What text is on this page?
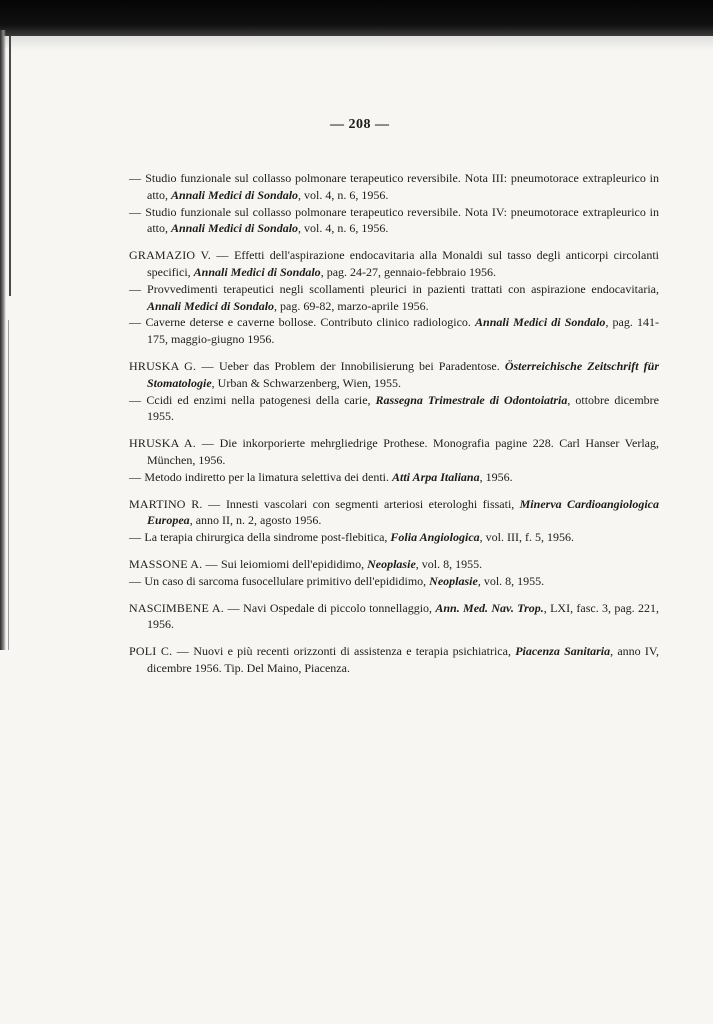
— 208 —

— Studio funzionale sul collasso polmonare terapeutico reversibile. Nota III: pneumotorace extrapleurico in atto, Annali Medici di Sondalo, vol. 4, n. 6, 1956.

— Studio funzionale sul collasso polmonare terapeutico reversibile. Nota IV: pneumotorace extrapleurico in atto, Annali Medici di Sondalo, vol. 4, n. 6, 1956.

GRAMAZIO V. — Effetti dell'aspirazione endocavitaria alla Monaldi sul tasso degli anticorpi circolanti specifici, Annali Medici di Sondalo, pag. 24-27, gennaio-febbraio 1956.

— Provvedimenti terapeutici negli scollamenti pleurici in pazienti trattati con aspirazione endocavitaria, Annali Medici di Sondalo, pag. 69-82, marzo-aprile 1956.

— Caverne deterse e caverne bollose. Contributo clinico radiologico. Annali Medici di Sondalo, pag. 141-175, maggio-giugno 1956.

HRUSKA G. — Ueber das Problem der Innobilisierung bei Paradentose. Österreichische Zeitschrift für Stomatologie, Urban & Schwarzenberg, Wien, 1955.

— Ccidi ed enzimi nella patogenesi della carie, Rassegna Trimestrale di Odontoiatria, ottobre dicembre 1955.

HRUSKA A. — Die inkorporierte mehrgliedrige Prothese. Monografia pagine 228. Carl Hanser Verlag, München, 1956.

— Metodo indiretto per la limatura selettiva dei denti. Atti Arpa Italiana, 1956.

MARTINO R. — Innesti vascolari con segmenti arteriosi eterologhi fissati, Minerva Cardioangiologica Europea, anno II, n. 2, agosto 1956.

— La terapia chirurgica della sindrome post-flebitica, Folia Angiologica, vol. III, f. 5, 1956.

MASSONE A. — Sui leiomiomi dell'epididimo, Neoplasie, vol. 8, 1955.

— Un caso di sarcoma fusocellulare primitivo dell'epididimo, Neoplasie, vol. 8, 1955.

NASCIMBENE A. — Navi Ospedale di piccolo tonnellaggio, Ann. Med. Nav. Trop., LXI, fasc. 3, pag. 221, 1956.

POLI C. — Nuovi e più recenti orizzonti di assistenza e terapia psichiatrica, Piacenza Sanitaria, anno IV, dicembre 1956. Tip. Del Maino, Piacenza.
